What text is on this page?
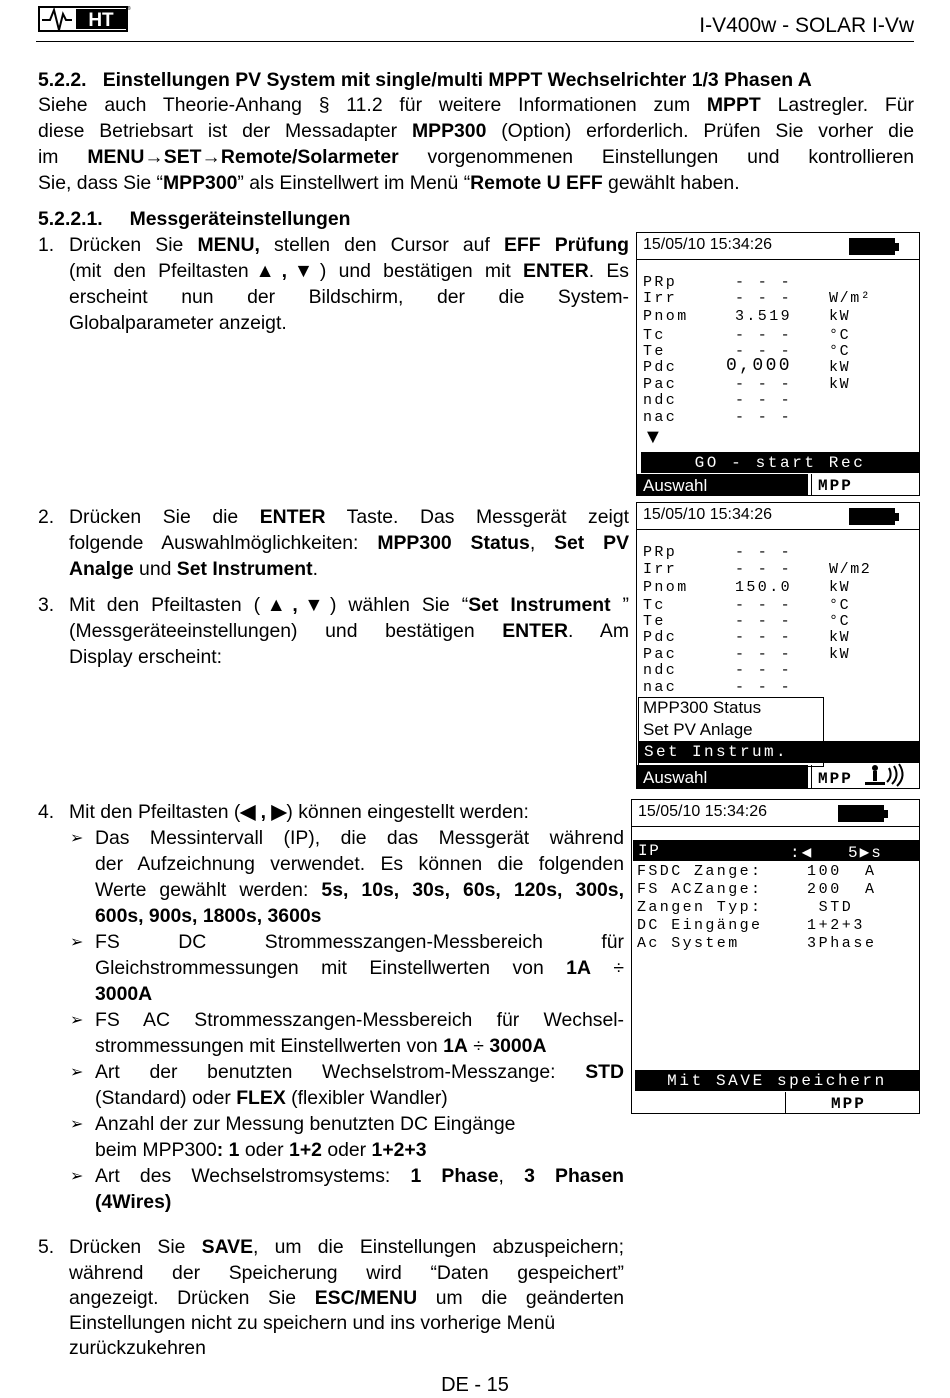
HT
®
I-V400w - SOLAR I-Vw
5.2.2. Einstellungen PV System mit single/multi MPPT Wechselrichter 1/3 Phasen A
Siehe auch Theorie-Anhang § 11.2 für weitere Informationen zum MPPT Lastregler. Für
diese Betriebsart ist der Messadapter MPP300 (Option) erforderlich. Prüfen Sie vorher die
im MENU→SET→Remote/Solarmeter vorgenommenen Einstellungen und kontrollieren
Sie, dass Sie “MPP300” als Einstellwert im Menü “Remote U EFF gewählt haben.
5.2.2.1. Messgeräteinstellungen
1. Drücken Sie MENU, stellen den Cursor auf EFF Prüfung
(mit den Pfeiltasten▲,▼) und bestätigen mit ENTER. Es
erscheint nun der Bildschirm, der die System-
Globalparameter anzeigt.
2. Drücken Sie die ENTER Taste. Das Messgerät zeigt
folgende Auswahlmöglichkeiten: MPP300 Status, Set PV
Analge und Set Instrument.
3. Mit den Pfeiltasten (▲,▼) wählen Sie “Set Instrument ”
(Messgeräteeinstellungen) und bestätigen ENTER. Am
Display erscheint:
4. Mit den Pfeiltasten (◀ , ▶) können eingestellt werden:
➢ Das Messintervall (IP), die das Messgerät während
der Aufzeichnung verwendet. Es können die folgenden
Werte gewählt werden: 5s, 10s, 30s, 60s, 120s, 300s,
600s, 900s, 1800s, 3600s
➢ FS DC Strommesszangen-Messbereich für
Gleichstrommessungen mit Einstellwerten von 1A ÷
3000A
➢ FS AC Strommesszangen-Messbereich für Wechsel-
strommessungen mit Einstellwerten von 1A ÷ 3000A
➢ Art der benutzten Wechselstrom-Messzange: STD
(Standard) oder FLEX (flexibler Wandler)
➢ Anzahl der zur Messung benutzten DC Eingänge
beim MPP300: 1 oder 1+2 oder 1+2+3
➢ Art des Wechselstromsystems: 1 Phase, 3 Phasen
(4Wires)
5. Drücken Sie SAVE, um die Einstellungen abzuspeichern;
während der Speicherung wird “Daten gespeichert”
angezeigt. Drücken Sie ESC/MENU um die geänderten
Einstellungen nicht zu speichern und ins vorherige Menü
zurückzukehren
15/05/10 15:34:26
PRp	- - -
Irr	- - - W/m²
Pnom	3.519 kW
Tc	- - - °C
Te	- - - °C
Pdc	0,000 kW
Pac	- - - kW
ndc	- - -
nac	- - -
▼
GO - start Rec
Auswahl	MPP
15/05/10 15:34:26
PRp	- - -
Irr	- - - W/m2
Pnom	150.0 kW
Tc	- - - °C
Te	- - - °C
Pdc	- - - kW
Pac	- - - kW
ndc	- - -
nac	- - -
MPP300 Status
Set PV Anlage
Set Instrum.
Auswahl	MPP
15/05/10 15:34:26
IP	:◀   5▶s
FSDC Zange:	100  A
FS ACZange:	200  A
Zangen Typ:	STD
DC Eingänge	1+2+3
Ac System	3Phase
Mit SAVE speichern
MPP
DE - 15
